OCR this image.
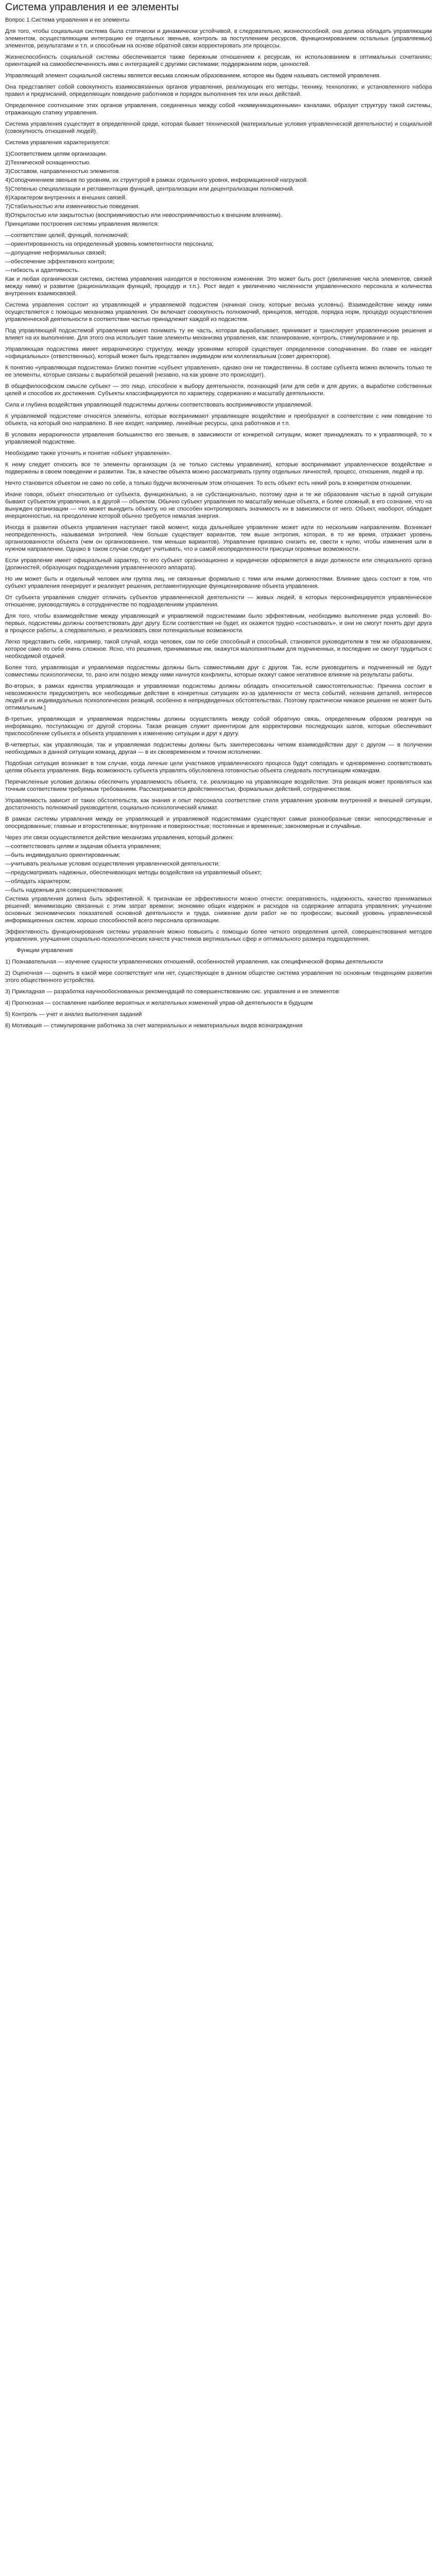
Система управления и ее элементы
Вопрос 1.Система управления и ее элементы
Для того, чтобы социальная система была статически и динамически устойчивой, в следовательно, жизнеспособной, она должна обладать управляющим элементом, осуществляющим интеграцию ее отдельных звеньев, контроль за поступлением ресурсов, функционированием остальных (управляемых) элементов, результатами и т.п. и способным на основе обратной связи корректировать эти процессы.
Жизнеспособность социальной системы обеспечивается также бережным отношением к ресурсам, их использованием в оптимальных сочетаниях; ориентацией на самообеспеченность ими с интеграцией с другими системами; поддержанием норм, ценностей.
Управляющий элемент социальной системы является весьма сложным образованием, которое мы будем называть системой управления.
Она представляет собой совокупность взаимосвязанных органов управления, реализующих его методы, технику, технологию, и установленного набора правил и предписаний, определяющих поведение работников и порядок выполнения тех или иных действий.
Определенное соотношение этих органов управления, соединенных между собой «коммуникационными» каналами, образует структуру такой системы, отражающую статику управления.
Система управления существует в определенной среде, которая бывает технической (материальные условия управленческой деятельности) и социальной (совокупность отношений людей).
Система управления характеризуется:
1)Соответствием целям организации.
2)Технической оснащенностью.
3)Составом, направленностью элементов.
4)Соподчинением звеньев по уровням, их структурой в рамках отдельного уровня, информационной нагрузкой.
5)Степенью специализации и регламентации функций, централизации или децентрализации полномочий.
6)Характером внутренних и внешних связей.
7)Стабильностью или изменчивостью поведения.
8)Открытостью или закрытостью (восприимчивостью или невосприимчивостью к внешним влияниям).
Принципами построения системы управления являются:
—соответствие целей, функций, полномочий;
—ориентированность на определенный уровень компетентности персонала;
—допущение неформальных связей;
—обеспечение эффективного контроля;
—гибкость и адаптивность.
Как и любая органическая система, система управления находится в постоянном изменении. Это может быть рост (увеличение числа элементов, связей между ними) и развитие (рационализация функций, процедур и т.п.). Рост ведет к увеличению численности управленческого персонала и количества внутренних взаимосвязей.
Система управления состоит из управляющей и управляемой подсистем (начиная снизу, которые весьма условны). Взаимодействие между ними осуществляется с помощью механизма управления. Он включает совокупность полномочий, принципов, методов, порядка норм, процедур осуществления управленческой деятельности в соответствии частью принадлежит каждой из подсистем.
Под управляющей подсистемой управления можно понимать ту ее часть, которая вырабатывает, принимает и транслирует управленческие решения и влияет на их выполнение. Для этого она использует такие элементы механизма управления, как: планирование, контроль, стимулирование и пр.
Управляющая подсистема имеет иерархическую структуру, между уровнями которой существует определенное соподчинение. Во главе ее находят «официальных» (ответственных), который может быть представлен индивидом или коллегиальным (совет директоров).
К понятию «управляющая подсистема» близко понятие «субъект управления», однако они не тождественны. В составе субъекта можно включить только те ее элементы, которые связаны с выработкой решений (незавно, на как уровне это происходит).
В общефилософском смысле субъект — это лицо, способное к выбору деятельности, познающий (или для себя и для других, а выработке собственных целей и способов их достижения. Субъекты классифицируются по характеру, содержанию и масштабу деятельности.
Сила и глубина воздействия управляющей подсистемы должны соответствовать восприимчивости управляемой.
К управляемой подсистеме относятся элементы, которые воспринимают управляющее воздействие и преобразуют в соответствии с ним поведение то объекта, на который оно направлено. В нее входят, например, линейные ресурсы, цеха работников и т.п.
В условиях иерархичности управления большинство его звеньев, в зависимости от конкретной ситуации, может принадлежать то к управляющей, то к управляемой подсистеме.
Необходимо также уточнить и понятие «объект управления».
К нему следует относить все те элементы организации (а не только системы управления), которые воспринимают управленческое воздействие и подвержены в своем поведении и развитии. Так, в качестве объекта можно рассматривать группу отдельных личностей, процесс, отношения, людей и пр.
Нечто становится объектом не само по себе, а только будучи включенным этом отношения. То есть объект есть некий роль в конкретном отношении.
Иначе говоря, объект относительно от субъекта, функционально, а не субстанционально, поэтому одни и те же образования частью в одной ситуации бывают субъектом управления, а в другой — объектом. Обычно субъект управления по масштабу меньше объекта, и более сложный, в его сознание, что на вынужден организации — что может вынудить объекту, но не способен контролировать значимость их в зависимости от него. Объект, наоборот, обладает инерционностью, на преодоление которой обычно требуется немалая энергия.
Иногда в развитии объекта управления наступает такой момент, когда дальнейшее управление может идти по нескольким направлениям. Возникает неопределенность, называемая энтропией. Чем больше существует вариантов, тем выше энтропия, которая, в то же время, отражает уровень организованности объекта (чем он организованнее, тем меньше вариантов). Управление призвано снизить ее, свести к нулю, чтобы изменения шли в нужном направлении. Однако в таком случае следует учитывать, что и самой неопределенности присущи огромные возможности.
Если управление имеет официальный характер, то его субъект организационно и юридически оформляется в виде должности или специального органа (должностей, образующих подразделения управленческого аппарата).
Но им может быть и отдельный человек или группа лиц, не связанные формально с теми или иными должностями. Влияние здесь состоит в том, что субъект управления генерирует и реализует решения, регламентирующие функционирование объекта управления.
От субъекта управления следует отличать субъектов управленческой деятельности — живых людей, в которых персонифицируется управленческое отношение, руководствуясь в сотрудничестве по подразделениям управления.
Для того, чтобы взаимодействие между управляющей и управляемой подсистемами было эффективным, необходимо выполнение ряда условий. Во-первых, подсистемы должны соответствовать друг другу. Если соответствия не будет, их окажется трудно «состыковать», и они не смогут понять друг друга в процессе работы, а следовательно, и реализовать свои потенциальные возможности.
Легко представить себе, например, такой случай, когда человек, сам по себе способный и способный, становится руководителем в тем же образованием, которое само по себе очень сложное. Ясно, что решения, принимаемые им, окажутся малопонятными для подчиненных, и последние не смогут трудиться с необходимой отдачей.
Более того, управляющая и управляемая подсистемы должны быть совместимыми друг с другом. Так, если руководитель и подчиненный не будут совместимы психологически, то, рано или поздно между ними начнутся конфликты, которые окажут самое негативное влияние на результаты работы.
Во-вторых, в рамках единства управляющая и управляемая подсистемы должны обладать относительной самостоятельностью. Причина состоит в невозможности предусмотреть все необходимые действия в конкретных ситуациях из-за удаленности от места событий, незнания деталей, интересов людей и их индивидуальных психологических реакций, особенно в непредвиденных обстоятельствах. Поэтому практически никакое решение не может быть оптимальным.]
В-третьих, управляющая и управляемая подсистемы должны осуществлять между собой обратную связь, определенным образом реагируя на информацию, поступающую от другой стороны. Такая реакция служит ориентиром для корректировки последующих шагов, которые обеспечивают приспособление субъекта и объекта управления к изменению ситуации и друг к другу.
В-четвертых, как управляющая, так и управляемая подсистемы должны быть заинтересованы четким взаимодействии друг с другом — в получении необходимых в данной ситуации команд, другая — в их своевременном и точном исполнении.
Подобная ситуация возникает в том случае, когда личные цели участников управленческого процесса будут совпадать и одновременно соответствовать целям объекта управления. Ведь возможность субъекта управлять обусловлена готовностью объекта следовать поступающим командам.
Перечисленные условия должны обеспечить управляемость объекта, т.е. реализацию на управляющее воздействие. Эта реакция может проявляться как точным соответствием требуемым требованиям. Рассматривается двойственностью, формальных действий, сотрудничеством.
Управляемость зависит от таких обстоятельств, как знания и опыт персонала соответствие стиля управления уровням внутренней и внешней ситуации, достаточность полномочий руководителя, социально-психологический климат.
В рамках системы управления между ее управляющей и управляемой подсистемами существуют самые разнообразные связи: непосредственные и опосредованные; главные и второстепенные; внутренние и поверхностные; постоянные и временные; закономерные и случайные.
Через эти связи осуществляется действие механизма управления, который должен:
—соответствовать целям и задачам объекта управления;
—быть индивидуально ориентированным;
—учитывать реальные условия осуществления управленческой деятельности;
—предусматривать надежных, обеспечивающих методы воздействия на управляемый объект;
—обладать характером;
—быть надежным для совершенствования;
Система управления должна быть эффективной. К признакам ее эффективности можно отнести: оперативность, надежность, качество принимаемых решений; минимизацию связанных с этим затрат времени; экономию общих издержек и расходов на содержание аппарата управления; улучшение основных экономических показателей основной деятельности и труда, снижение доли работ не по профессии; высокий уровень управленческой информационных систем, хорошо способностей всего персонала организации.
Эффективность функционирования системы управления можно повысить с помощью более четкого определения целей, совершенствования методов управления, улучшения социально-психологических качеств участников вертикальных сфер и оптимального размера подразделения.
Функции управления
1) Познавательная — изучение сущности управленческих отношений, особенностей управления, как специфической формы деятельности
2) Оценочная — оценить в какой мере соответствует или нет, существующее в данном обществе система управления по основным тенденциям развития этого общественного устройства.
3) Прикладная — разработка научнообоснованных рекомендаций по совершенствованию сис. управления и ее элементов
4) Прогнозная — составление наиболее вероятных и желательных изменений управ-ой деятельности в будущем
5) Контроль — учет и анализ выполнения заданий
6) Мотивация — стимулирование работника за счет материальных и нематериальных видов вознаграждения
